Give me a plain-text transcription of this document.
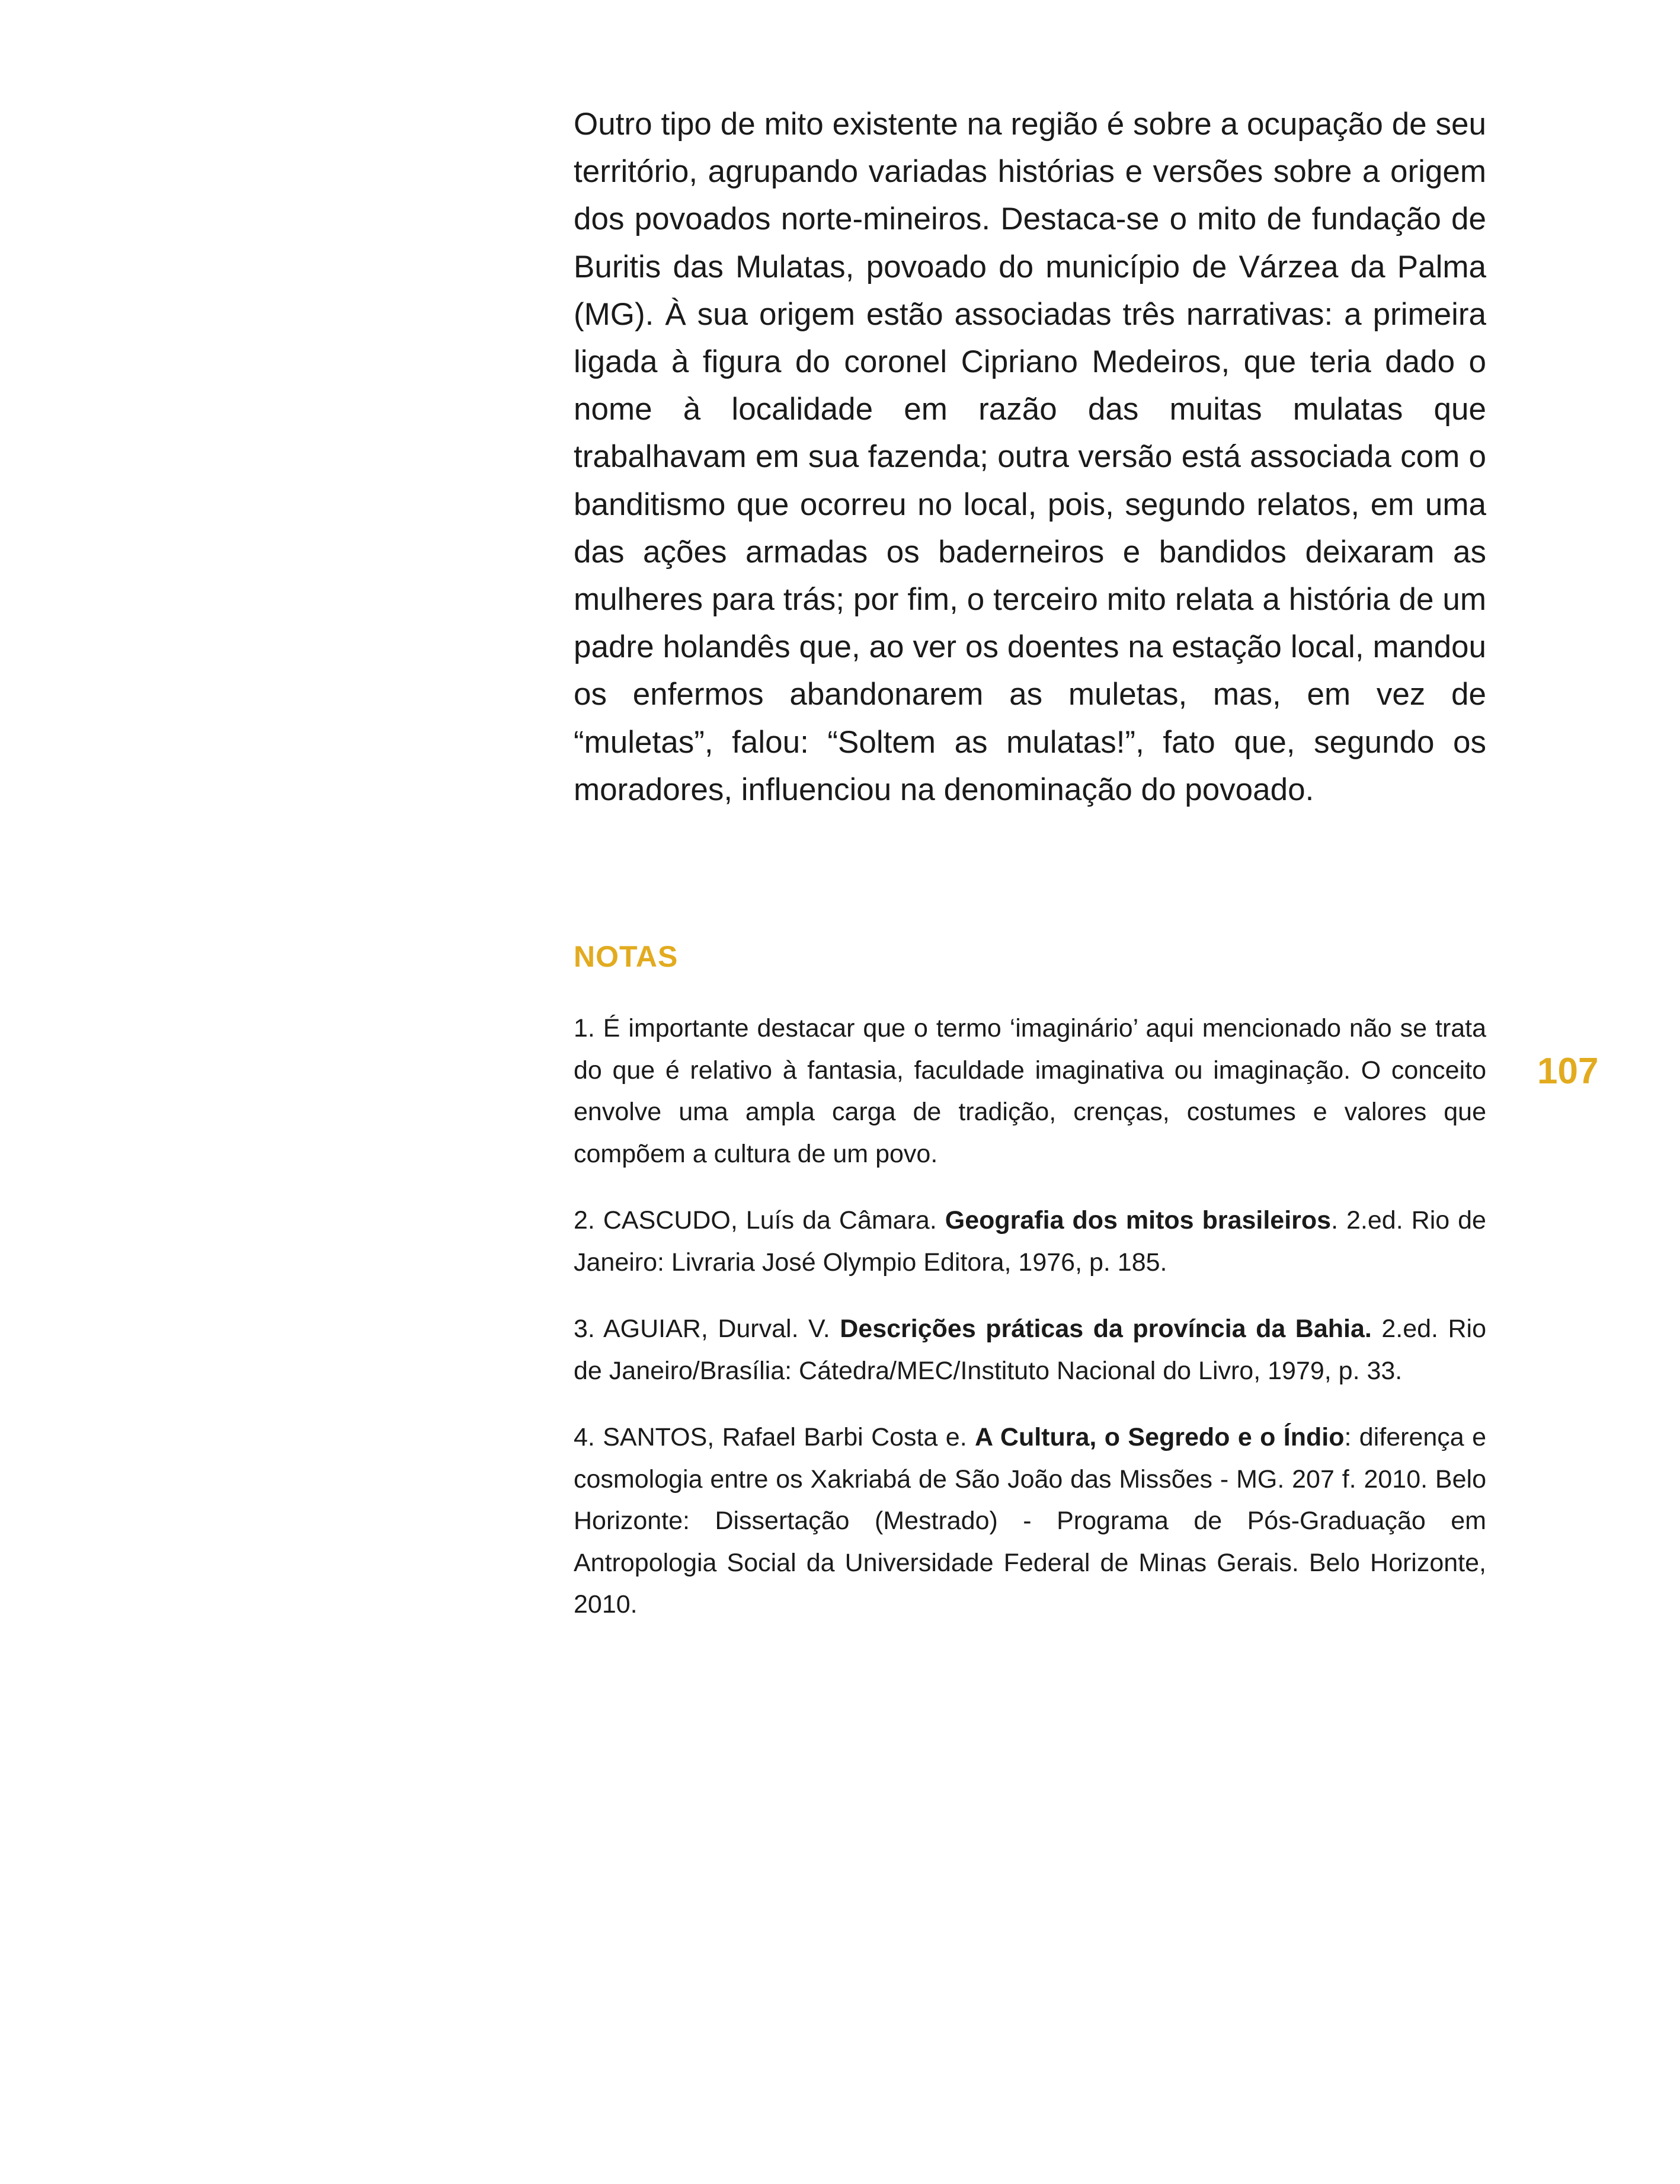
Outro tipo de mito existente na região é sobre a ocupação de seu território, agrupando variadas histórias e versões sobre a origem dos povoados norte-mineiros. Destaca-se o mito de fundação de Buritis das Mulatas, povoado do município de Várzea da Palma (MG). À sua origem estão associadas três narrativas: a primeira ligada à figura do coronel Cipriano Medeiros, que teria dado o nome à localidade em razão das muitas mulatas que trabalhavam em sua fazenda; outra versão está associada com o banditismo que ocorreu no local, pois, segundo relatos, em uma das ações armadas os baderneiros e bandidos deixaram as mulheres para trás; por fim, o terceiro mito relata a história de um padre holandês que, ao ver os doentes na estação local, mandou os enfermos abandonarem as muletas, mas, em vez de “muletas”, falou: “Soltem as mulatas!”, fato que, segundo os moradores, influenciou na denominação do povoado.

NOTAS
107
1. É importante destacar que o termo ‘imaginário’ aqui mencionado não se trata do que é relativo à fantasia, faculdade imaginativa ou imaginação. O conceito envolve uma ampla carga de tradição, crenças, costumes e valores que compõem a cultura de um povo.
2. CASCUDO, Luís da Câmara. Geografia dos mitos brasileiros. 2.ed. Rio de Janeiro: Livraria José Olympio Editora, 1976, p. 185.
3. AGUIAR, Durval. V. Descrições práticas da província da Bahia. 2.ed. Rio de Janeiro/Brasília: Cátedra/MEC/Instituto Nacional do Livro, 1979, p. 33.
4. SANTOS, Rafael Barbi Costa e. A Cultura, o Segredo e o Índio: diferença e cosmologia entre os Xakriabá de São João das Missões - MG. 207 f. 2010. Belo Horizonte: Dissertação (Mestrado) - Programa de Pós-Graduação em Antropologia Social da Universidade Federal de Minas Gerais. Belo Horizonte, 2010.
